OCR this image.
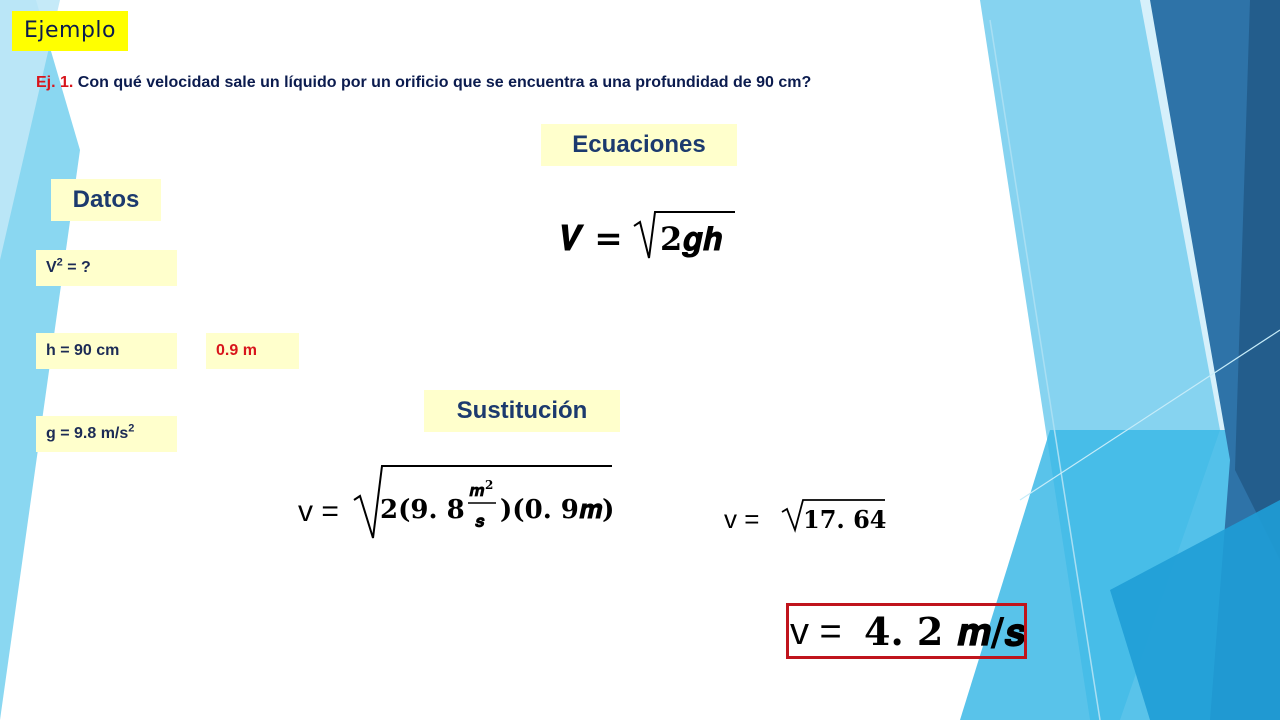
Ejemplo
Ej. 1. Con qué velocidad sale un líquido por un orificio que se encuentra a una profundidad de 90 cm?
Ecuaciones
Datos
Sustitución
$V^2$ = ?
h = 90 cm	0.9 m
g = 9.8 $m/s^2$
𝑽 = 𝟐𝒈𝒉
v = 𝟐(𝟗. 𝟖
𝒎 𝟐
𝒔 )(𝟎. 𝟗𝒎)	v = 𝟏𝟕. 𝟔𝟒
v = 𝟒. 𝟐 𝒎/𝒔
